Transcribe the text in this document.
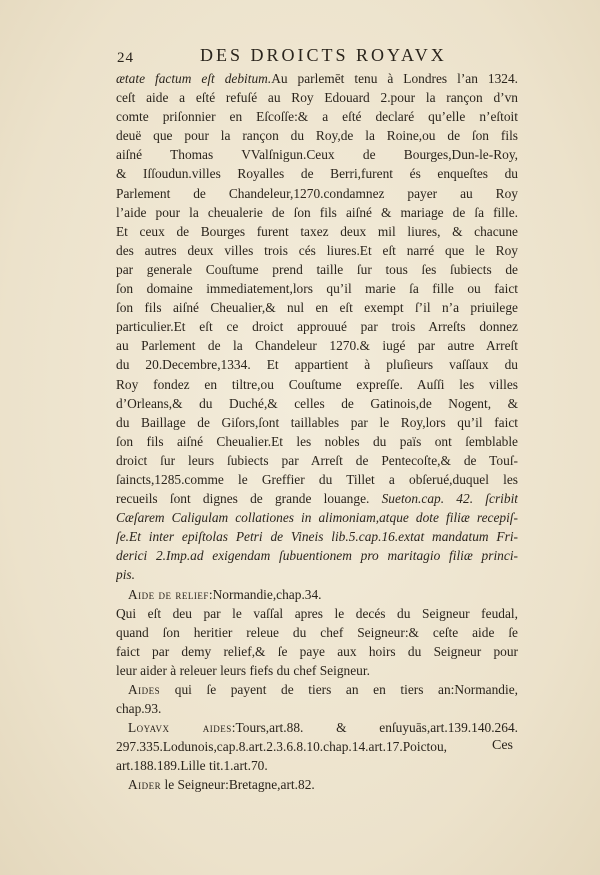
24	DES DROICTS ROYAVX
ætate factum eſt debitum.Au parlemēt tenu à Londres l’an 1324.
ceſt aide a eſté refuſé au Roy Edouard 2.pour la rançon d’vn
comte priſonnier en Eſcoſſe:& a eſté declaré qu’elle n’eſtoit
deuë que pour la rançon du Roy,de la Roine,ou de ſon fils
aiſné Thomas VValſnigun.Ceux de Bourges,Dun-le-Roy,
& Iſſoudun.villes Royalles de Berri,furent és enqueſtes du
Parlement de Chandeleur,1270.condamnez payer au Roy
l’aide pour la cheualerie de ſon fils aiſné & mariage de ſa fille.
Et ceux de Bourges furent taxez deux mil liures, & chacune
des autres deux villes trois cés liures.Et eſt narré que le Roy
par generale Couſtume prend taille ſur tous ſes ſubiects de
ſon domaine immediatement,lors qu’il marie ſa fille ou faict
ſon fils aiſné Cheualier,& nul en eſt exempt ſ’il n’a priuilege
particulier.Et eſt ce droict approuué par trois Arreſts donnez
au Parlement de la Chandeleur 1270.& iugé par autre Arreſt
du 20.Decembre,1334. Et appartient à pluſieurs vaſſaux du
Roy fondez en tiltre,ou Couſtume expreſſe. Auſſi les villes
d’Orleans,& du Duché,& celles de Gatinois,de Nogent, &
du Baillage de Giſors,ſont taillables par le Roy,lors qu’il faict
ſon fils aiſné Cheualier.Et les nobles du païs ont ſemblable
droict ſur leurs ſubiects par Arreſt de Pentecoſte,& de Touſ-
ſaincts,1285.comme le Greffier du Tillet a obſerué,duquel les
recueils ſont dignes de grande louange. Sueton.cap. 42. ſcribit
Cæſarem Caligulam collationes in alimoniam,atque dote filiæ recepiſ-
ſe.Et inter epiſtolas Petri de Vineis lib.5.cap.16.extat mandatum Fri-
derici 2.Imp.ad exigendam ſubuentionem pro maritagio filiæ princi-
pis.
Aide de relief:Normandie,chap.34.
Qui eſt deu par le vaſſal apres le decés du Seigneur feudal,
quand ſon heritier releue du chef Seigneur:& ceſte aide ſe
faict par demy relief,& ſe paye aux hoirs du Seigneur pour
leur aider à releuer leurs fiefs du chef Seigneur.
Aides qui ſe payent de tiers an en tiers an:Normandie,
chap.93.
Loyavx aides:Tours,art.88. & enſuyuās,art.139.140.264.
297.335.Lodunois,cap.8.art.2.3.6.8.10.chap.14.art.17.Poictou,
art.188.189.Lille tit.1.art.70.
Aider le Seigneur:Bretagne,art.82.
Ces
